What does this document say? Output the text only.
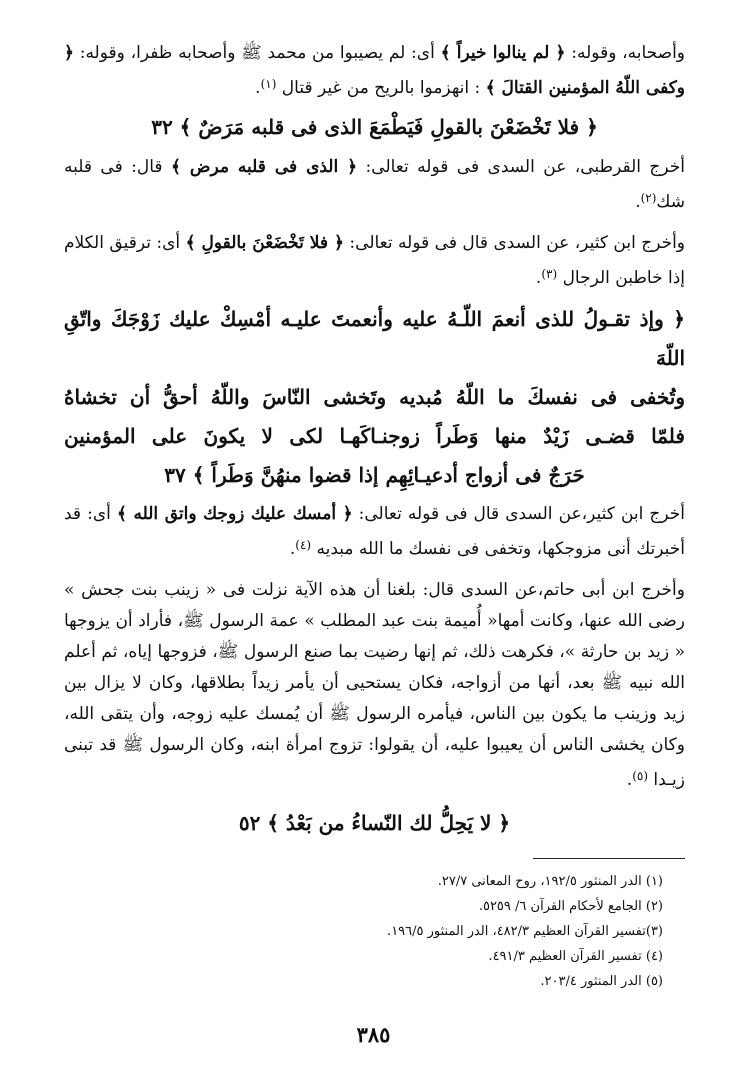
وأصحابه، وقوله: ﴿ لم ينالوا خيراً ﴾ أى: لم يصيبوا من محمد ﷺ وأصحابه ظفرا، وقوله: ﴿ وكفى اللّهُ المؤمنين القتالَ ﴾ : انهزموا بالريح من غير قتال $^{(١)}$.

﴿ فلا تَخْضَعْنَ بالقولِ فَيَطْمَعَ الذى فى قلبه مَرَضٌ ﴾ ٣٢

أخرج القرطبى، عن السدى فى قوله تعالى: ﴿ الذى فى قلبه مرض ﴾ قال: فى قلبه شك$^{(٢)}$.

وأخرج ابن كثير، عن السدى قال فى قوله تعالى: ﴿ فلا تَخْضَعْنَ بالقولِ ﴾ أى: ترقيق الكلام إذا خاطبن الرجال $^{(٣)}$.

﴿ وإذ تقـولُ للذى أنعمَ اللّـهُ عليه وأنعمتَ عليـه أمْسِكْ عليك زَوْجَكَ واتّقِ اللّهَ
وتُخفى فى نفسكَ ما اللّهُ مُبديه وتَخشى النّاسَ واللّهُ أحقُّ أن تخشاهُ
فلمّا قضـى زَيْدٌ منها وَطَراً زوجنـاكَهـا لكى لا يكونَ على المؤمنين
حَرَجٌ فى أزواج أدعيـائِهِم إذا قضوا منهُنَّ وَطَراً ﴾ ٣٧

أخرج ابن كثير،عن السدى قال فى قوله تعالى: ﴿ أمسك عليك زوجك واتق الله ﴾ أى: قد أخبرتك أنى مزوجكها، وتخفى فى نفسك ما الله مبديه $^{(٤)}$.

وأخرج ابن أبى حاتم،عن السدى قال: بلغنا أن هذه الآية نزلت فى « زينب بنت جحش » رضى الله عنها، وكانت أمها« أُميمة بنت عبد المطلب » عمة الرسول ﷺ، فأراد أن يزوجها « زيد بن حارثة »، فكرهت ذلك، ثم إنها رضيت بما صنع الرسول ﷺ، فزوجها إياه، ثم أعلم الله نبيه ﷺ بعد، أنها من أزواجه، فكان يستحيى أن يأمر زيداً بطلاقها، وكان لا يزال بين زيد وزينب ما يكون بين الناس، فيأمره الرسول ﷺ أن يُمسك عليه زوجه، وأن يتقى الله، وكان يخشى الناس أن يعيبوا عليه، أن يقولوا: تزوج امرأة ابنه، وكان الرسول ﷺ قد تبنى زيـدا $^{(٥)}$.

﴿ لا يَحِلُّ لك النّساءُ من بَعْدُ ﴾ ٥٢
(١) الدر المنثور ١٩٢/٥، روح المعانى ٢٧/٧.
(٢) الجامع لأحكام القرآن ٦/ ٥٢٥٩.
(٣)تفسير القرآن العظيم ٤٨٢/٣، الدر المنثور ١٩٦/٥.
(٤) تفسير القرآن العظيم ٤٩١/٣.
(٥) الدر المنثور ٢٠٣/٤.
٣٨٥
